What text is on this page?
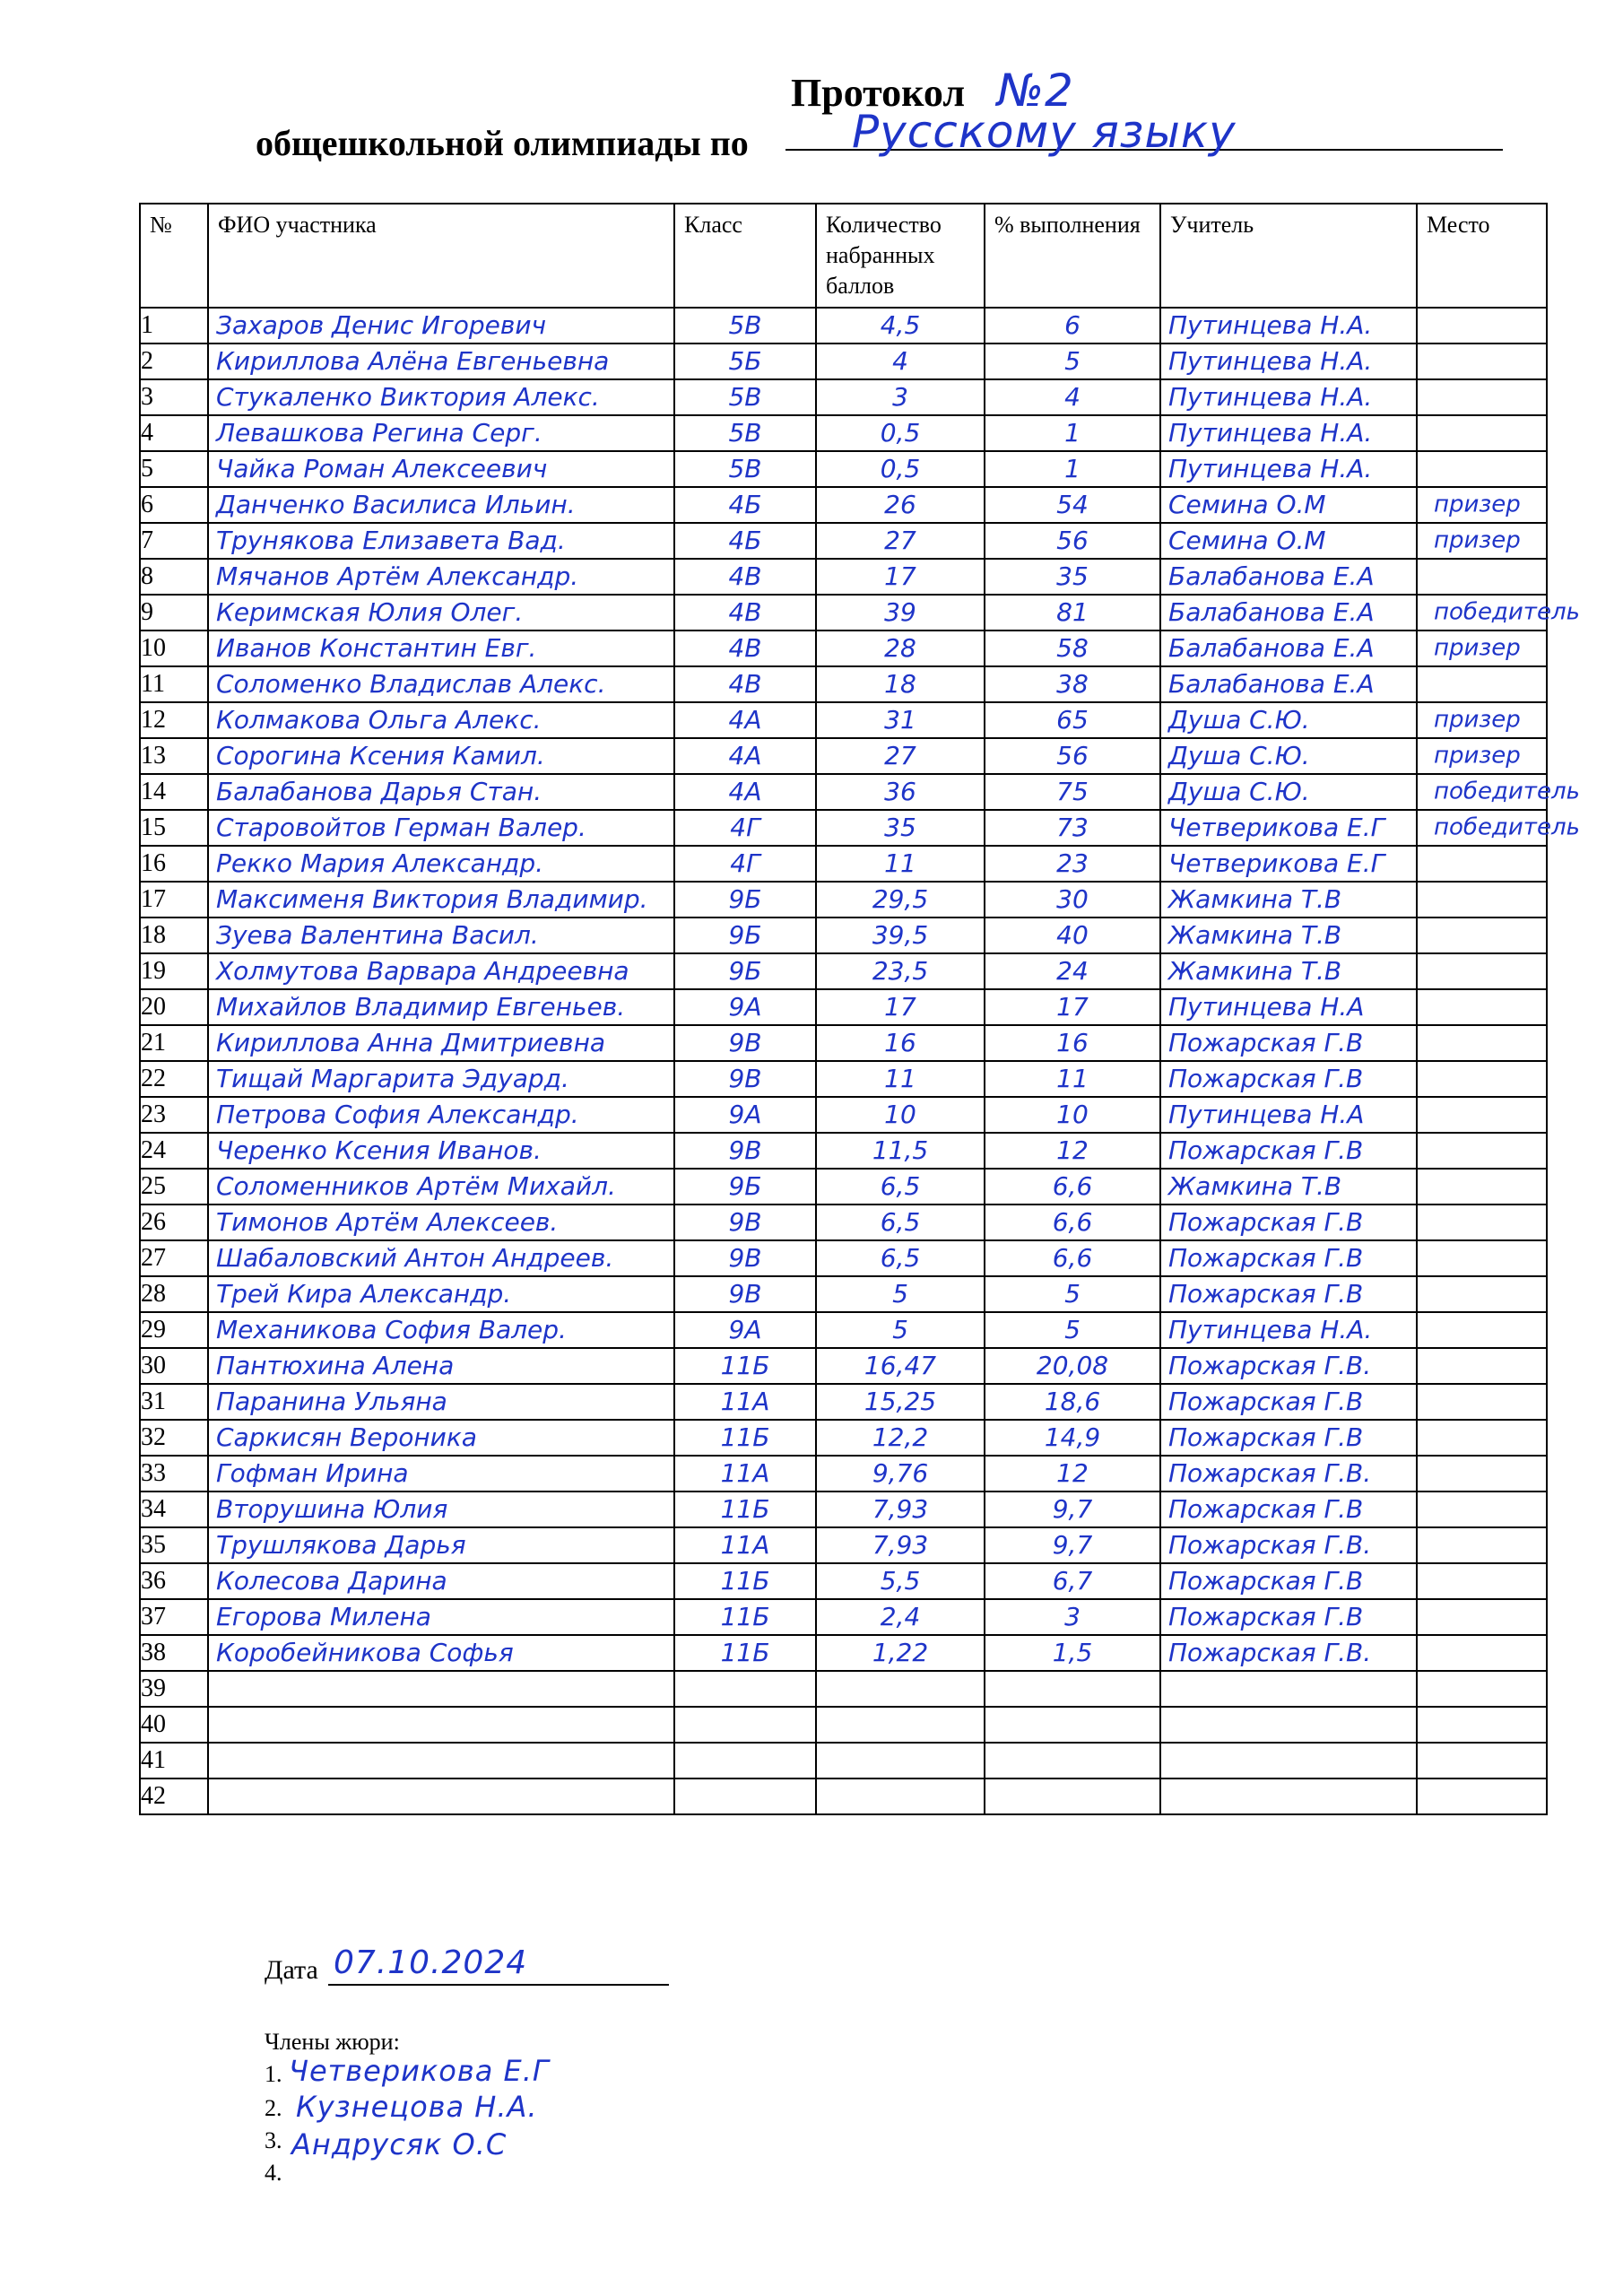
Протокол №2
общешкольной олимпиады по Русскому языку
№	ФИО участника	Класс	Количество набранных баллов	% выполнения	Учитель	Место
1	Захаров Денис Игоревич	5В	4,5	6	Путинцева Н.А.	

2	Кириллова Алёна Евгеньевна	5Б	4	5	Путинцева Н.А.	

3	Стукаленко Виктория Алекс.	5В	3	4	Путинцева Н.А.	

4	Левашкова Регина Серг.	5В	0,5	1	Путинцева Н.А.	

5	Чайка Роман Алексеевич	5В	0,5	1	Путинцева Н.А.	

6	Данченко Василиса Ильин.	4Б	26	54	Семина О.М	призер

7	Трунякова Елизавета Вад.	4Б	27	56	Семина О.М	призер

8	Мячанов Артём Александр.	4В	17	35	Балабанова Е.А	

9	Керимская Юлия Олег.	4В	39	81	Балабанова Е.А	победитель

10	Иванов Константин Евг.	4В	28	58	Балабанова Е.А	призер

11	Соломенко Владислав Алекс.	4В	18	38	Балабанова Е.А	

12	Колмакова Ольга Алекс.	4А	31	65	Душа С.Ю.	призер

13	Сорогина Ксения Камил.	4А	27	56	Душа С.Ю.	призер

14	Балабанова Дарья Стан.	4А	36	75	Душа С.Ю.	победитель

15	Старовойтов Герман Валер.	4Г	35	73	Четверикова Е.Г	победитель

16	Рекко Мария Александр.	4Г	11	23	Четверикова Е.Г	

17	Максименя Виктория Владимир.	9Б	29,5	30	Жамкина Т.В	

18	Зуева Валентина Васил.	9Б	39,5	40	Жамкина Т.В	

19	Холмутова Варвара Андреевна	9Б	23,5	24	Жамкина Т.В	

20	Михайлов Владимир Евгеньев.	9А	17	17	Путинцева Н.А	

21	Кириллова Анна Дмитриевна	9В	16	16	Пожарская Г.В	

22	Тищай Маргарита Эдуард.	9В	11	11	Пожарская Г.В	

23	Петрова София Александр.	9А	10	10	Путинцева Н.А	

24	Черенко Ксения Иванов.	9В	11,5	12	Пожарская Г.В	

25	Соломенников Артём Михайл.	9Б	6,5	6,6	Жамкина Т.В	

26	Тимонов Артём Алексеев.	9В	6,5	6,6	Пожарская Г.В	

27	Шабаловский Антон Андреев.	9В	6,5	6,6	Пожарская Г.В	

28	Трей Кира Александр.	9В	5	5	Пожарская Г.В	

29	Механикова София Валер.	9А	5	5	Путинцева Н.А.	

30	Пантюхина Алена	11Б	16,47	20,08	Пожарская Г.В.	

31	Паранина Ульяна	11А	15,25	18,6	Пожарская Г.В	

32	Саркисян Вероника	11Б	12,2	14,9	Пожарская Г.В	

33	Гофман Ирина	11А	9,76	12	Пожарская Г.В.	

34	Вторушина Юлия	11Б	7,93	9,7	Пожарская Г.В	

35	Трушлякова Дарья	11А	7,93	9,7	Пожарская Г.В.	

36	Колесова Дарина	11Б	5,5	6,7	Пожарская Г.В	

37	Егорова Милена	11Б	2,4	3	Пожарская Г.В	

38	Коробейникова Софья	11Б	1,22	1,5	Пожарская Г.В.	

39	

40	

41	

42	

Дата 07.10.2024
Члены жюри:
1. Четверикова Е.Г
2. Кузнецова Н.А.
3. Андрусяк О.С
4.
